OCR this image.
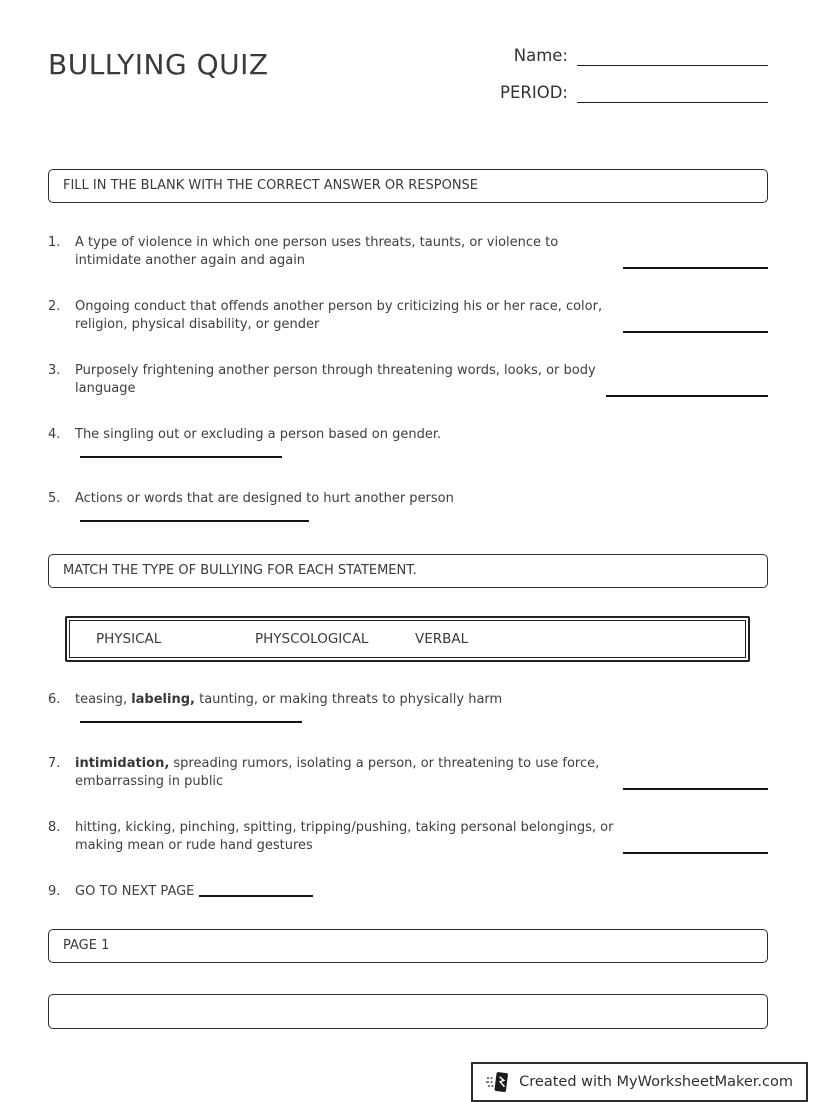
BULLYING QUIZ	Name:
PERIOD:
FILL IN THE BLANK WITH THE CORRECT ANSWER OR RESPONSE
1.	A type of violence in which one person uses threats, taunts, or violence to intimidate another again and again
2.	Ongoing conduct that offends another person by criticizing his or her race, color, religion, physical disability, or gender
3.	Purposely frightening another person through threatening words, looks, or body language
4.	The singling out or excluding a person based on gender.
5.	Actions or words that are designed to hurt another person
MATCH THE TYPE OF BULLYING FOR EACH STATEMENT.
PHYSICAL	PHYSCOLOGICAL	VERBAL
6.	teasing, labeling, taunting, or making threats to physically harm
7.	intimidation, spreading rumors, isolating a person, or threatening to use force, embarrassing in public
8.	hitting, kicking, pinching, spitting, tripping/pushing, taking personal belongings, or making mean or rude hand gestures
9.	GO TO NEXT PAGE
PAGE 1
Created with MyWorksheetMaker.com
